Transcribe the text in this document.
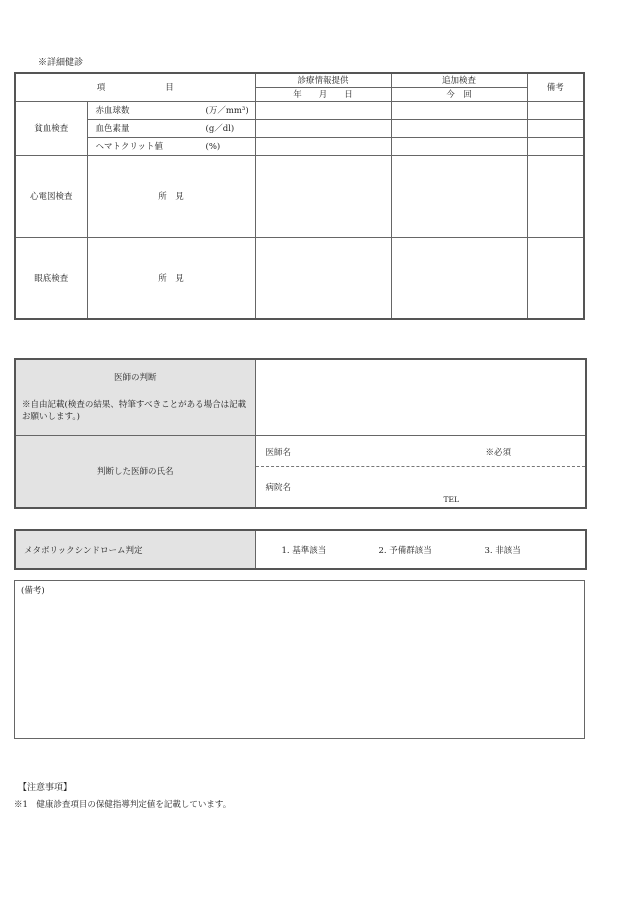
※詳細健診
項 目		診療情報提供	追加検査	備考
		年　　月　　日	今　回	
貧血検査	赤血球数 (万／mm³)			
	血色素量 (g／dl)			
	ヘマトクリット値 (%)			
心電図検査	所　見			
眼底検査	所　見			
医師の判断
※自由記載(検査の結果、特筆すべきことがある場合は記載お願いします。)	

判断した医師の氏名	医師名 ※必須
病院名
TEL
メタボリックシンドローム判定	1. 基準該当	2. 予備群該当	3. 非該当
(備考)
【注意事項】
※1　健康診査項目の保健指導判定値を記載しています。
